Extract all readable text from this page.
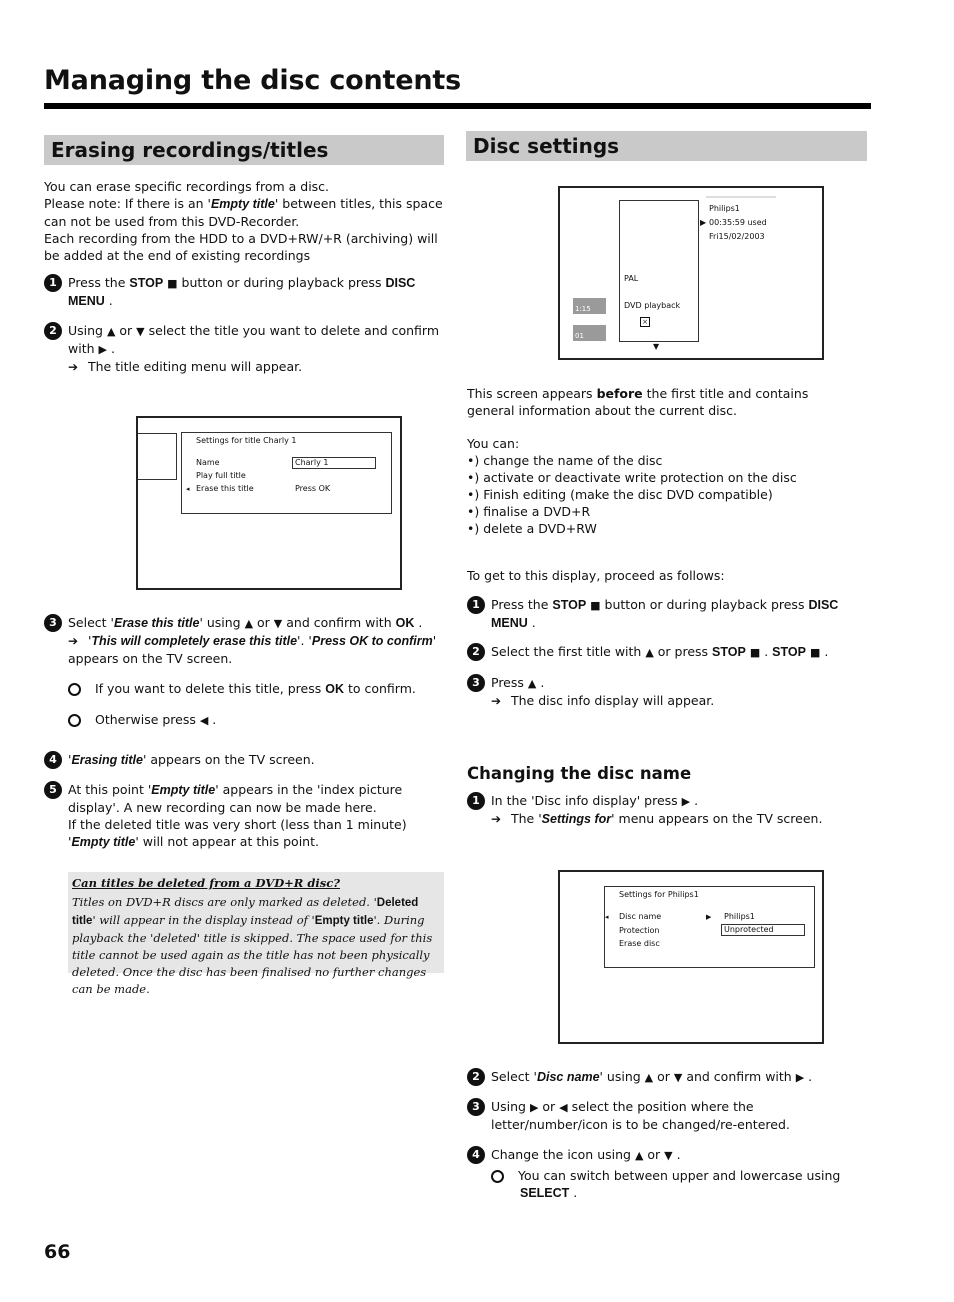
Managing the disc contents
Erasing recordings/titles

You can erase specific recordings from a disc.

Please note: If there is an 'Empty title' between titles, this space can not be used from this DVD-Recorder.

Each recording from the HDD to a DVD+RW/+R (archiving) will be added at the end of existing recordings

1 Press the STOP ■ button or during playback press DISC MENU .
2 Using ▲ or ▼ select the title you want to delete and confirm with ▶ .
➔ The title editing menu will appear.
Settings for title Charly 1
Name	Charly 1
Play full title
◂ Erase this title	Press OK
3 Select 'Erase this title' using ▲ or ▼ and confirm with OK .
➔ 'This will completely erase this title'. 'Press OK to confirm' appears on the TV screen.
If you want to delete this title, press OK to confirm.
Otherwise press ◀ .
4 'Erasing title' appears on the TV screen.
5 At this point 'Empty title' appears in the 'index picture display'. A new recording can now be made here.
If the deleted title was very short (less than 1 minute) 'Empty title' will not appear at this point.
Can titles be deleted from a DVD+R disc?
Titles on DVD+R discs are only marked as deleted. 'Deleted title' will appear in the display instead of 'Empty title'. During playback the 'deleted' title is skipped. The space used for this title cannot be used again as the title has not been physically deleted. Once the disc has been finalised no further changes can be made.
Disc settings
PAL
DVD playback
×
Philips1
▶ 00:35:59 used
Fri15/02/2003
1:15
01
▼

This screen appears before the first title and contains general information about the current disc.

You can:

•) change the name of the disc
•) activate or deactivate write protection on the disc
•) Finish editing (make the disc DVD compatible)
•) finalise a DVD+R
•) delete a DVD+RW
To get to this display, proceed as follows:
1 Press the STOP ■ button or during playback press DISC MENU .
2 Select the first title with ▲ or press STOP ■ . STOP ■ .
3 Press ▲ .
➔ The disc info display will appear.
Changing the disc name
1 In the 'Disc info display' press ▶ .
➔ The 'Settings for' menu appears on the TV screen.
Settings for Philips1
◂ Disc name
Protection
Erase disc
▶ Philips1
Unprotected
2 Select 'Disc name' using ▲ or ▼ and confirm with ▶ .
3 Using ▶ or ◀ select the position where the letter/number/icon is to be changed/re-entered.
4 Change the icon using ▲ or ▼ .
You can switch between upper and lowercase using
SELECT .
66
